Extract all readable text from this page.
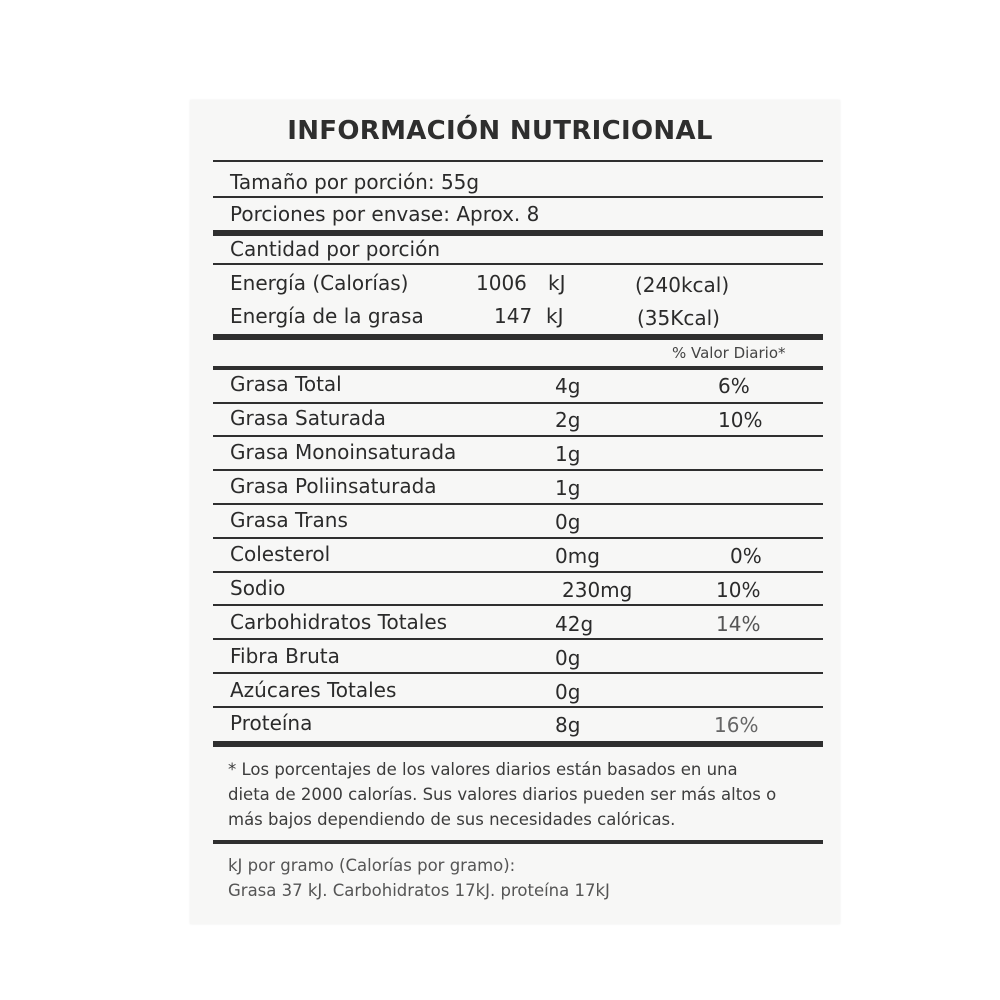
INFORMACIÓN NUTRICIONAL
Tamaño por porción: 55g
Porciones por envase: Aprox. 8
Cantidad por porción
Energía (Calorías)	1006 kJ	(240kcal)
Energía de la grasa	147 kJ	(35Kcal)
% Valor Diario*
Grasa Total	4g	6%
Grasa Saturada	2g	10%
Grasa Monoinsaturada	1g
Grasa Poliinsaturada	1g
Grasa Trans	0g
Colesterol	0mg	0%
Sodio	230mg	10%
Carbohidratos Totales	42g	14%
Fibra Bruta	0g
Azúcares Totales	0g
Proteína	8g	16%
* Los porcentajes de los valores diarios están basados en una
dieta de 2000 calorías. Sus valores diarios pueden ser más altos o
más bajos dependiendo de sus necesidades calóricas.
kJ por gramo (Calorías por gramo):
Grasa 37 kJ. Carbohidratos 17kJ. proteína 17kJ
